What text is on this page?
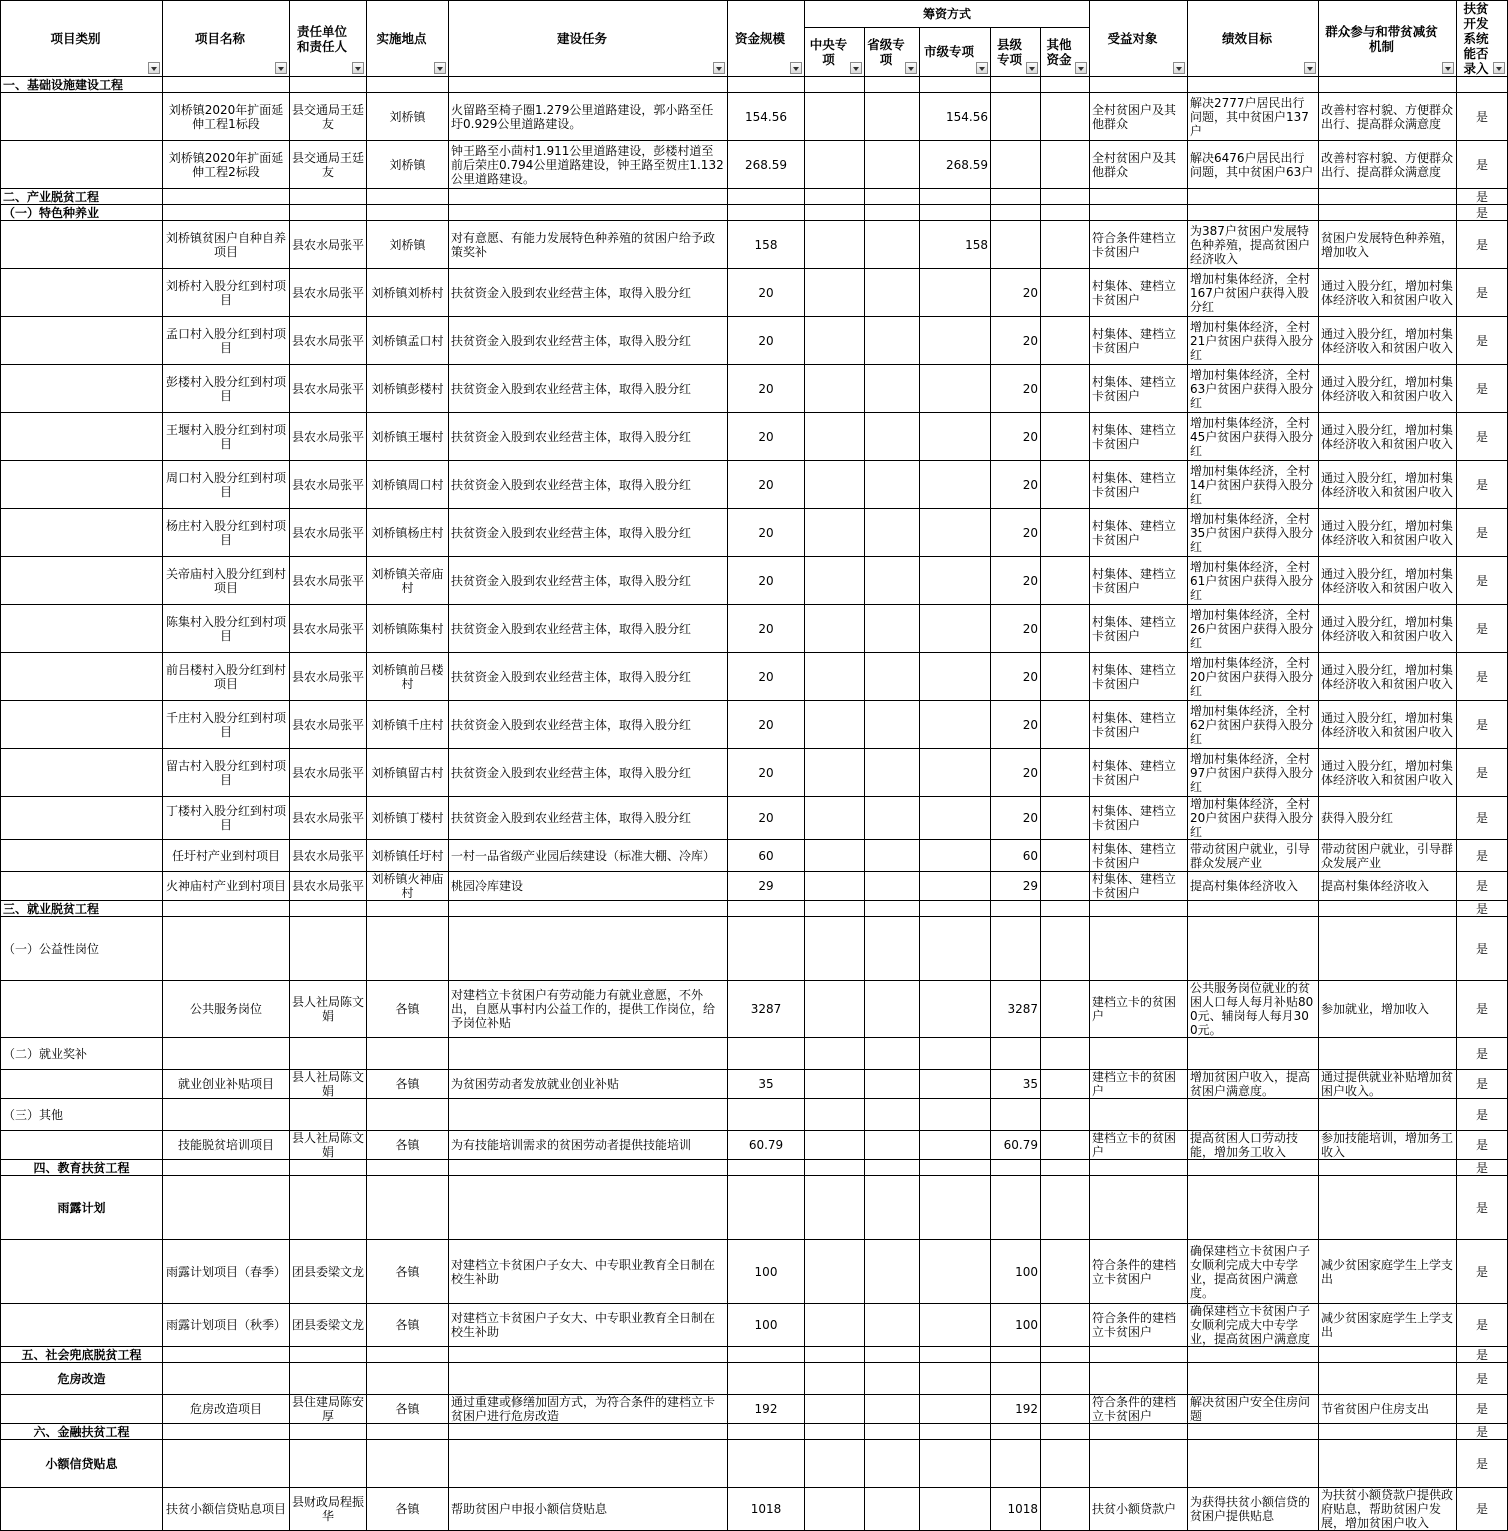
项目类别	项目名称	责任单位和责任人	实施地点	建设任务	资金规模	筹资方式					受益对象	绩效目标	群众参与和带贫减贫机制	扶贫开发系统能否录入

						中央专项	省级专项	市级专项	县级专项	其他资金				

一、基础设施建设工程														
	刘桥镇2020年扩面延伸工程1标段	县交通局王廷友	刘桥镇	火留路至椅子圈1.279公里道路建设，郭小路至任圩0.929公里道路建设。	154.56			154.56			全村贫困户及其他群众	解决2777户居民出行问题，其中贫困户137户	改善村容村貌、方便群众出行、提高群众满意度	是
	刘桥镇2020年扩面延伸工程2标段	县交通局王廷友	刘桥镇	钟王路至小茴村1.911公里道路建设，彭楼村道至前后荣庄0.794公里道路建设，钟王路至贺庄1.132公里道路建设。	268.59			268.59			全村贫困户及其他群众	解决6476户居民出行问题，其中贫困户63户	改善村容村貌、方便群众出行、提高群众满意度	是
二、产业脱贫工程														是
（一）特色种养业														是
	刘桥镇贫困户自种自养项目	县农水局张平	刘桥镇	对有意愿、有能力发展特色种养殖的贫困户给予政策奖补	158			158			符合条件建档立卡贫困户	为387户贫困户发展特色种养殖，提高贫困户经济收入	贫困户发展特色种养殖，增加收入	是
	刘桥村入股分红到村项目	县农水局张平	刘桥镇刘桥村	扶贫资金入股到农业经营主体，取得入股分红	20				20		村集体、建档立卡贫困户	增加村集体经济，全村167户贫困户获得入股分红	通过入股分红，增加村集体经济收入和贫困户收入	是
	孟口村入股分红到村项目	县农水局张平	刘桥镇孟口村	扶贫资金入股到农业经营主体，取得入股分红	20				20		村集体、建档立卡贫困户	增加村集体经济，全村21户贫困户获得入股分红	通过入股分红，增加村集体经济收入和贫困户收入	是
	彭楼村入股分红到村项目	县农水局张平	刘桥镇彭楼村	扶贫资金入股到农业经营主体，取得入股分红	20				20		村集体、建档立卡贫困户	增加村集体经济，全村63户贫困户获得入股分红	通过入股分红，增加村集体经济收入和贫困户收入	是
	王堰村入股分红到村项目	县农水局张平	刘桥镇王堰村	扶贫资金入股到农业经营主体，取得入股分红	20				20		村集体、建档立卡贫困户	增加村集体经济，全村45户贫困户获得入股分红	通过入股分红，增加村集体经济收入和贫困户收入	是
	周口村入股分红到村项目	县农水局张平	刘桥镇周口村	扶贫资金入股到农业经营主体，取得入股分红	20				20		村集体、建档立卡贫困户	增加村集体经济，全村14户贫困户获得入股分红	通过入股分红，增加村集体经济收入和贫困户收入	是
	杨庄村入股分红到村项目	县农水局张平	刘桥镇杨庄村	扶贫资金入股到农业经营主体，取得入股分红	20				20		村集体、建档立卡贫困户	增加村集体经济，全村35户贫困户获得入股分红	通过入股分红，增加村集体经济收入和贫困户收入	是
	关帝庙村入股分红到村项目	县农水局张平	刘桥镇关帝庙村	扶贫资金入股到农业经营主体，取得入股分红	20				20		村集体、建档立卡贫困户	增加村集体经济，全村61户贫困户获得入股分红	通过入股分红，增加村集体经济收入和贫困户收入	是
	陈集村入股分红到村项目	县农水局张平	刘桥镇陈集村	扶贫资金入股到农业经营主体，取得入股分红	20				20		村集体、建档立卡贫困户	增加村集体经济，全村26户贫困户获得入股分红	通过入股分红，增加村集体经济收入和贫困户收入	是
	前吕楼村入股分红到村项目	县农水局张平	刘桥镇前吕楼村	扶贫资金入股到农业经营主体，取得入股分红	20				20		村集体、建档立卡贫困户	增加村集体经济，全村20户贫困户获得入股分红	通过入股分红，增加村集体经济收入和贫困户收入	是
	千庄村入股分红到村项目	县农水局张平	刘桥镇千庄村	扶贫资金入股到农业经营主体，取得入股分红	20				20		村集体、建档立卡贫困户	增加村集体经济，全村62户贫困户获得入股分红	通过入股分红，增加村集体经济收入和贫困户收入	是
	留古村入股分红到村项目	县农水局张平	刘桥镇留古村	扶贫资金入股到农业经营主体，取得入股分红	20				20		村集体、建档立卡贫困户	增加村集体经济，全村97户贫困户获得入股分红	通过入股分红，增加村集体经济收入和贫困户收入	是
	丁楼村入股分红到村项目	县农水局张平	刘桥镇丁楼村	扶贫资金入股到农业经营主体，取得入股分红	20				20		村集体、建档立卡贫困户	增加村集体经济，全村20户贫困户获得入股分红	获得入股分红	是
	任圩村产业到村项目	县农水局张平	刘桥镇任圩村	一村一品省级产业园后续建设（标准大棚、冷库）	60				60		村集体、建档立卡贫困户	带动贫困户就业，引导群众发展产业	带动贫困户就业，引导群众发展产业	是
	火神庙村产业到村项目	县农水局张平	刘桥镇火神庙村	桃园冷库建设	29				29		村集体、建档立卡贫困户	提高村集体经济收入	提高村集体经济收入	是
三、就业脱贫工程														是
（一）公益性岗位														是
	公共服务岗位	县人社局陈文娟	各镇	对建档立卡贫困户有劳动能力有就业意愿，不外出，自愿从事村内公益工作的，提供工作岗位，给予岗位补贴	3287				3287		建档立卡的贫困户	公共服务岗位就业的贫困人口每人每月补贴800元、辅岗每人每月300元。	参加就业，增加收入	是
（二）就业奖补														是
	就业创业补贴项目	县人社局陈文娟	各镇	为贫困劳动者发放就业创业补贴	35				35		建档立卡的贫困户	增加贫困户收入，提高贫困户满意度。	通过提供就业补贴增加贫困户收入。	是
（三）其他														是
	技能脱贫培训项目	县人社局陈文娟	各镇	为有技能培训需求的贫困劳动者提供技能培训	60.79				60.79		建档立卡的贫困户	提高贫困人口劳动技能，增加务工收入	参加技能培训，增加务工收入	是
四、教育扶贫工程														是
雨露计划														是
	雨露计划项目（春季）	团县委梁文龙	各镇	对建档立卡贫困户子女大、中专职业教育全日制在校生补助	100				100		符合条件的建档立卡贫困户	确保建档立卡贫困户子女顺利完成大中专学业，提高贫困户满意度。	减少贫困家庭学生上学支出	是
	雨露计划项目（秋季）	团县委梁文龙	各镇	对建档立卡贫困户子女大、中专职业教育全日制在校生补助	100				100		符合条件的建档立卡贫困户	确保建档立卡贫困户子女顺利完成大中专学业，提高贫困户满意度	减少贫困家庭学生上学支出	是
五、社会兜底脱贫工程														是
危房改造														是
	危房改造项目	县住建局陈安厚	各镇	通过重建或修缮加固方式，为符合条件的建档立卡贫困户进行危房改造	192				192		符合条件的建档立卡贫困户	解决贫困户安全住房问题	节省贫困户住房支出	是
六、金融扶贫工程														是
小额信贷贴息														是
	扶贫小额信贷贴息项目	县财政局程振华	各镇	帮助贫困户申报小额信贷贴息	1018				1018		扶贫小额贷款户	为获得扶贫小额信贷的贫困户提供贴息	为扶贫小额贷款户提供政府贴息，帮助贫困户发展，增加贫困户收入	是
